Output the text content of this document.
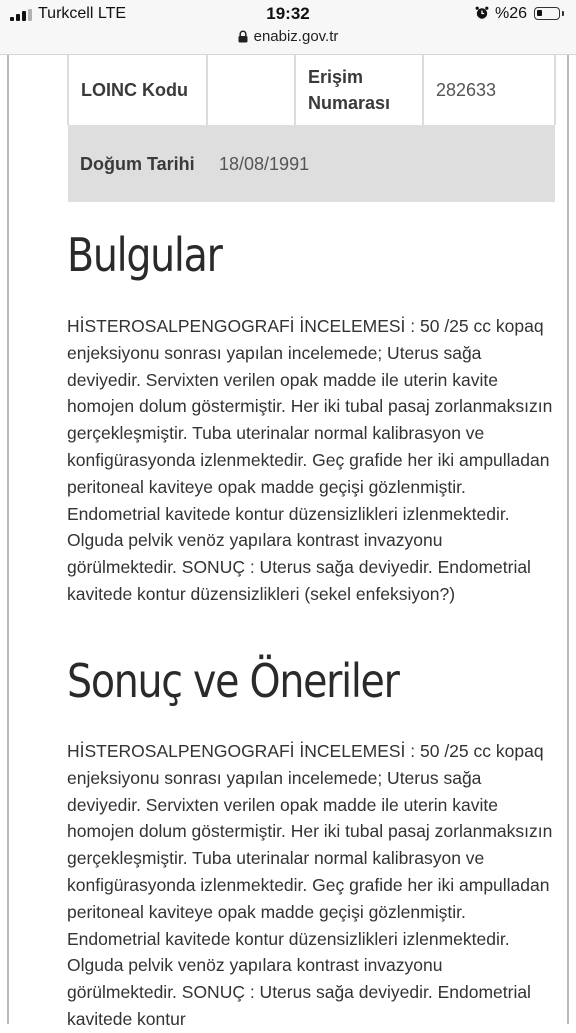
Turkcell LTE	19:32	%26
enabiz.gov.tr
LOINC Kodu		Erişim Numarası	282633
Doğum Tarihi	18/08/1991		
Bulgular

HİSTEROSALPENGOGRAFİ İNCELEMESİ : 50 /25 cc kopaq enjeksiyonu sonrası yapılan incelemede; Uterus sağa deviyedir. Servixten verilen opak madde ile uterin kavite homojen dolum göstermiştir. Her iki tubal pasaj zorlanmaksızın gerçekleşmiştir. Tuba uterinalar normal kalibrasyon ve konfigürasyonda izlenmektedir. Geç grafide her iki ampulladan peritoneal kaviteye opak madde geçişi gözlenmiştir. Endometrial kavitede kontur düzensizlikleri izlenmektedir. Olguda pelvik venöz yapılara kontrast invazyonu görülmektedir. SONUÇ : Uterus sağa deviyedir. Endometrial kavitede kontur düzensizlikleri (sekel enfeksiyon?)

Sonuç ve Öneriler

HİSTEROSALPENGOGRAFİ İNCELEMESİ : 50 /25 cc kopaq enjeksiyonu sonrası yapılan incelemede; Uterus sağa deviyedir. Servixten verilen opak madde ile uterin kavite homojen dolum göstermiştir. Her iki tubal pasaj zorlanmaksızın gerçekleşmiştir. Tuba uterinalar normal kalibrasyon ve konfigürasyonda izlenmektedir. Geç grafide her iki ampulladan peritoneal kaviteye opak madde geçişi gözlenmiştir. Endometrial kavitede kontur düzensizlikleri izlenmektedir. Olguda pelvik venöz yapılara kontrast invazyonu görülmektedir. SONUÇ : Uterus sağa deviyedir. Endometrial kavitede kontur
